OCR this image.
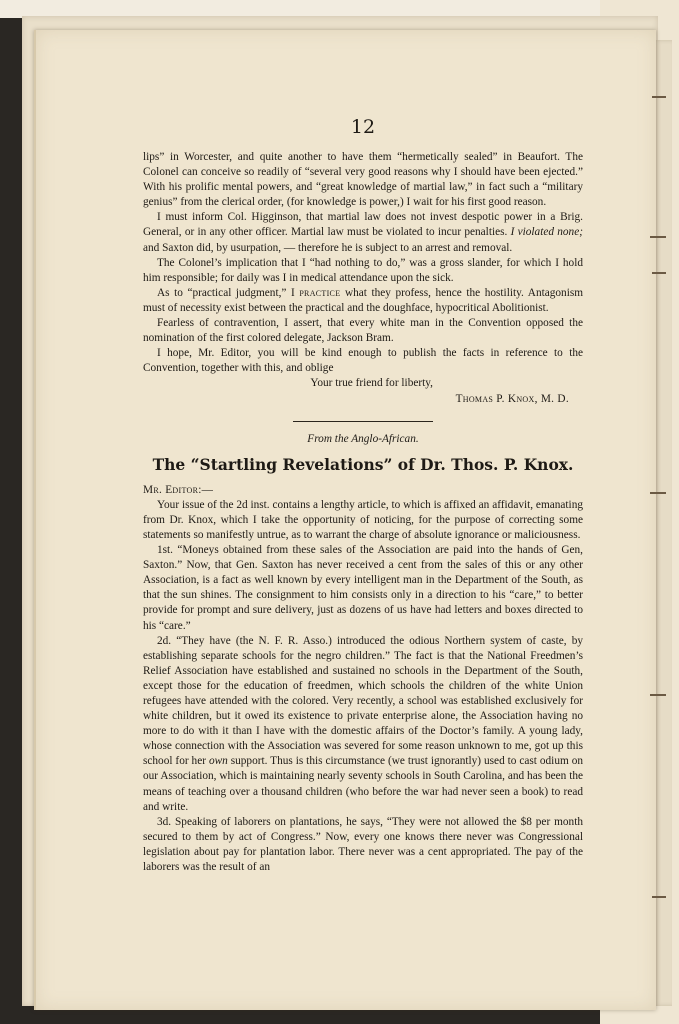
12

lips” in Worcester, and quite another to have them “hermetically sealed” in Beaufort. The Colonel can conceive so readily of “several very good reasons why I should have been ejected.” With his prolific mental powers, and “great knowledge of martial law,” in fact such a “military genius” from the clerical order, (for knowledge is power,) I wait for his first good reason.

I must inform Col. Higginson, that martial law does not invest despotic power in a Brig. General, or in any other officer. Martial law must be violated to incur penalties. I violated none; and Saxton did, by usurpation, — therefore he is subject to an arrest and removal.

The Colonel’s implication that I “had nothing to do,” was a gross slander, for which I hold him responsible; for daily was I in medical attendance upon the sick.

As to “practical judgment,” I practice what they profess, hence the hostility. Antagonism must of necessity exist between the practical and the doughface, hypocritical Abolitionist.

Fearless of contravention, I assert, that every white man in the Convention opposed the nomination of the first colored delegate, Jackson Bram.

I hope, Mr. Editor, you will be kind enough to publish the facts in reference to the Convention, together with this, and oblige

Your true friend for liberty,

Thomas P. Knox, M. D.

From the Anglo-African.

The “Startling Revelations” of Dr. Thos. P. Knox.

Mr. Editor:—

Your issue of the 2d inst. contains a lengthy article, to which is affixed an affidavit, emanating from Dr. Knox, which I take the opportunity of noticing, for the purpose of correcting some statements so manifestly untrue, as to warrant the charge of absolute ignorance or maliciousness.

1st. “Moneys obtained from these sales of the Association are paid into the hands of Gen, Saxton.” Now, that Gen. Saxton has never received a cent from the sales of this or any other Association, is a fact as well known by every intelligent man in the Department of the South, as that the sun shines. The consignment to him consists only in a direction to his “care,” to better provide for prompt and sure delivery, just as dozens of us have had letters and boxes directed to his “care.”

2d. “They have (the N. F. R. Asso.) introduced the odious Northern system of caste, by establishing separate schools for the negro children.” The fact is that the National Freedmen’s Relief Association have established and sustained no schools in the Department of the South, except those for the education of freedmen, which schools the children of the white Union refugees have attended with the colored. Very recently, a school was established exclusively for white children, but it owed its existence to private enterprise alone, the Association having no more to do with it than I have with the domestic affairs of the Doctor’s family. A young lady, whose connection with the Association was severed for some reason unknown to me, got up this school for her own support. Thus is this circumstance (we trust ignorantly) used to cast odium on our Association, which is maintaining nearly seventy schools in South Carolina, and has been the means of teaching over a thousand children (who before the war had never seen a book) to read and write.

3d. Speaking of laborers on plantations, he says, “They were not allowed the $8 per month secured to them by act of Congress.” Now, every one knows there never was Congressional legislation about pay for plantation labor. There never was a cent appropriated. The pay of the laborers was the result of an
